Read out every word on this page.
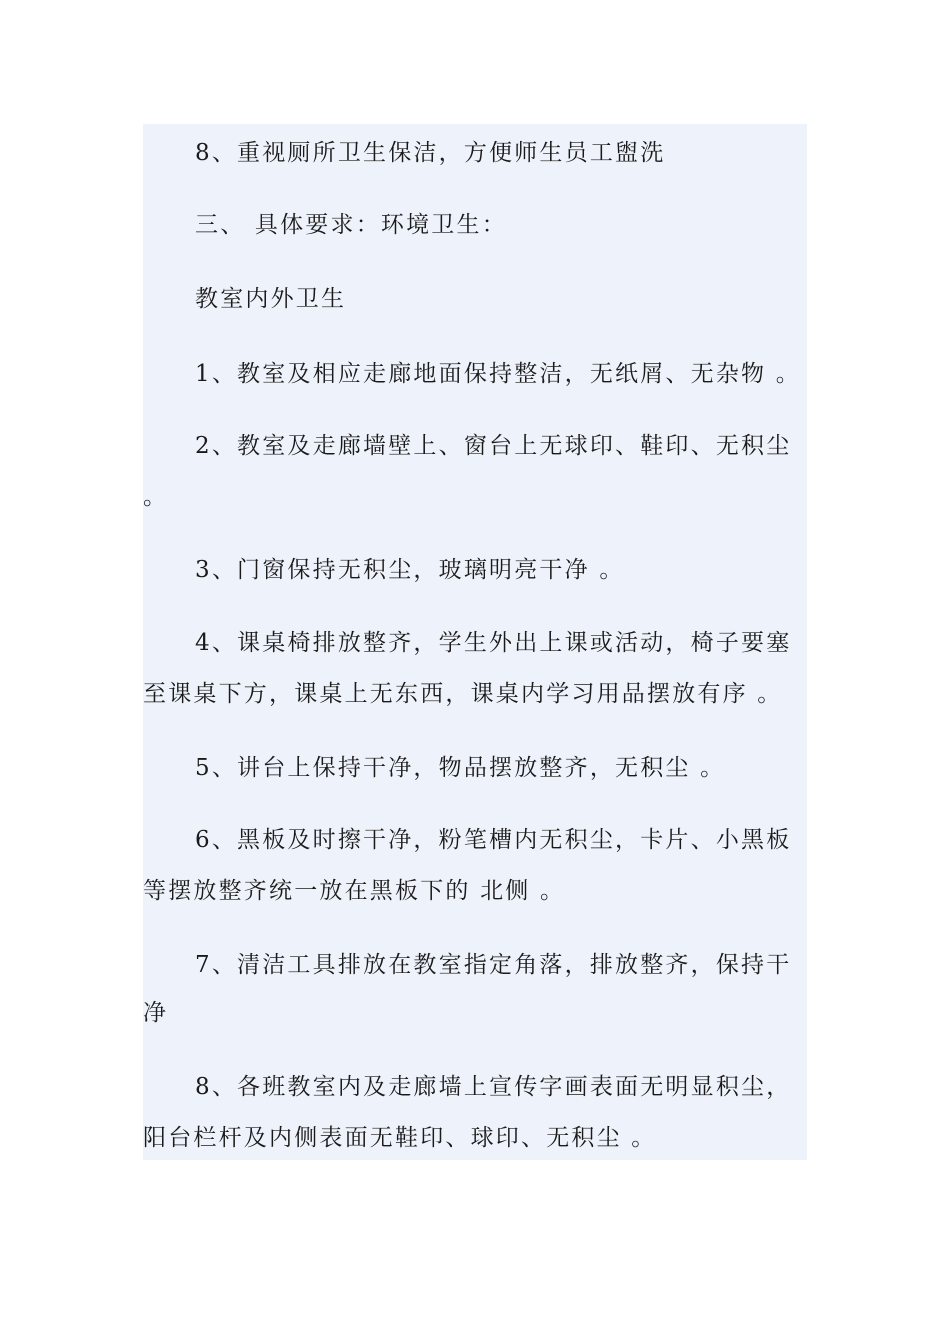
8、重视厕所卫生保洁，方便师生员工盥洗
三、 具体要求：环境卫生：
教室内外卫生
1、教室及相应走廊地面保持整洁，无纸屑、无杂物 。
2、教室及走廊墙壁上、窗台上无球印、鞋印、无积尘
。
3、门窗保持无积尘，玻璃明亮干净 。
4、课桌椅排放整齐，学生外出上课或活动，椅子要塞
至课桌下方，课桌上无东西，课桌内学习用品摆放有序 。
5、讲台上保持干净，物品摆放整齐，无积尘 。
6、黑板及时擦干净，粉笔槽内无积尘，卡片、小黑板
等摆放整齐统一放在黑板下的 北侧 。
7、清洁工具排放在教室指定角落，排放整齐，保持干
净
8、各班教室内及走廊墙上宣传字画表面无明显积尘，
阳台栏杆及内侧表面无鞋印、球印、无积尘 。
